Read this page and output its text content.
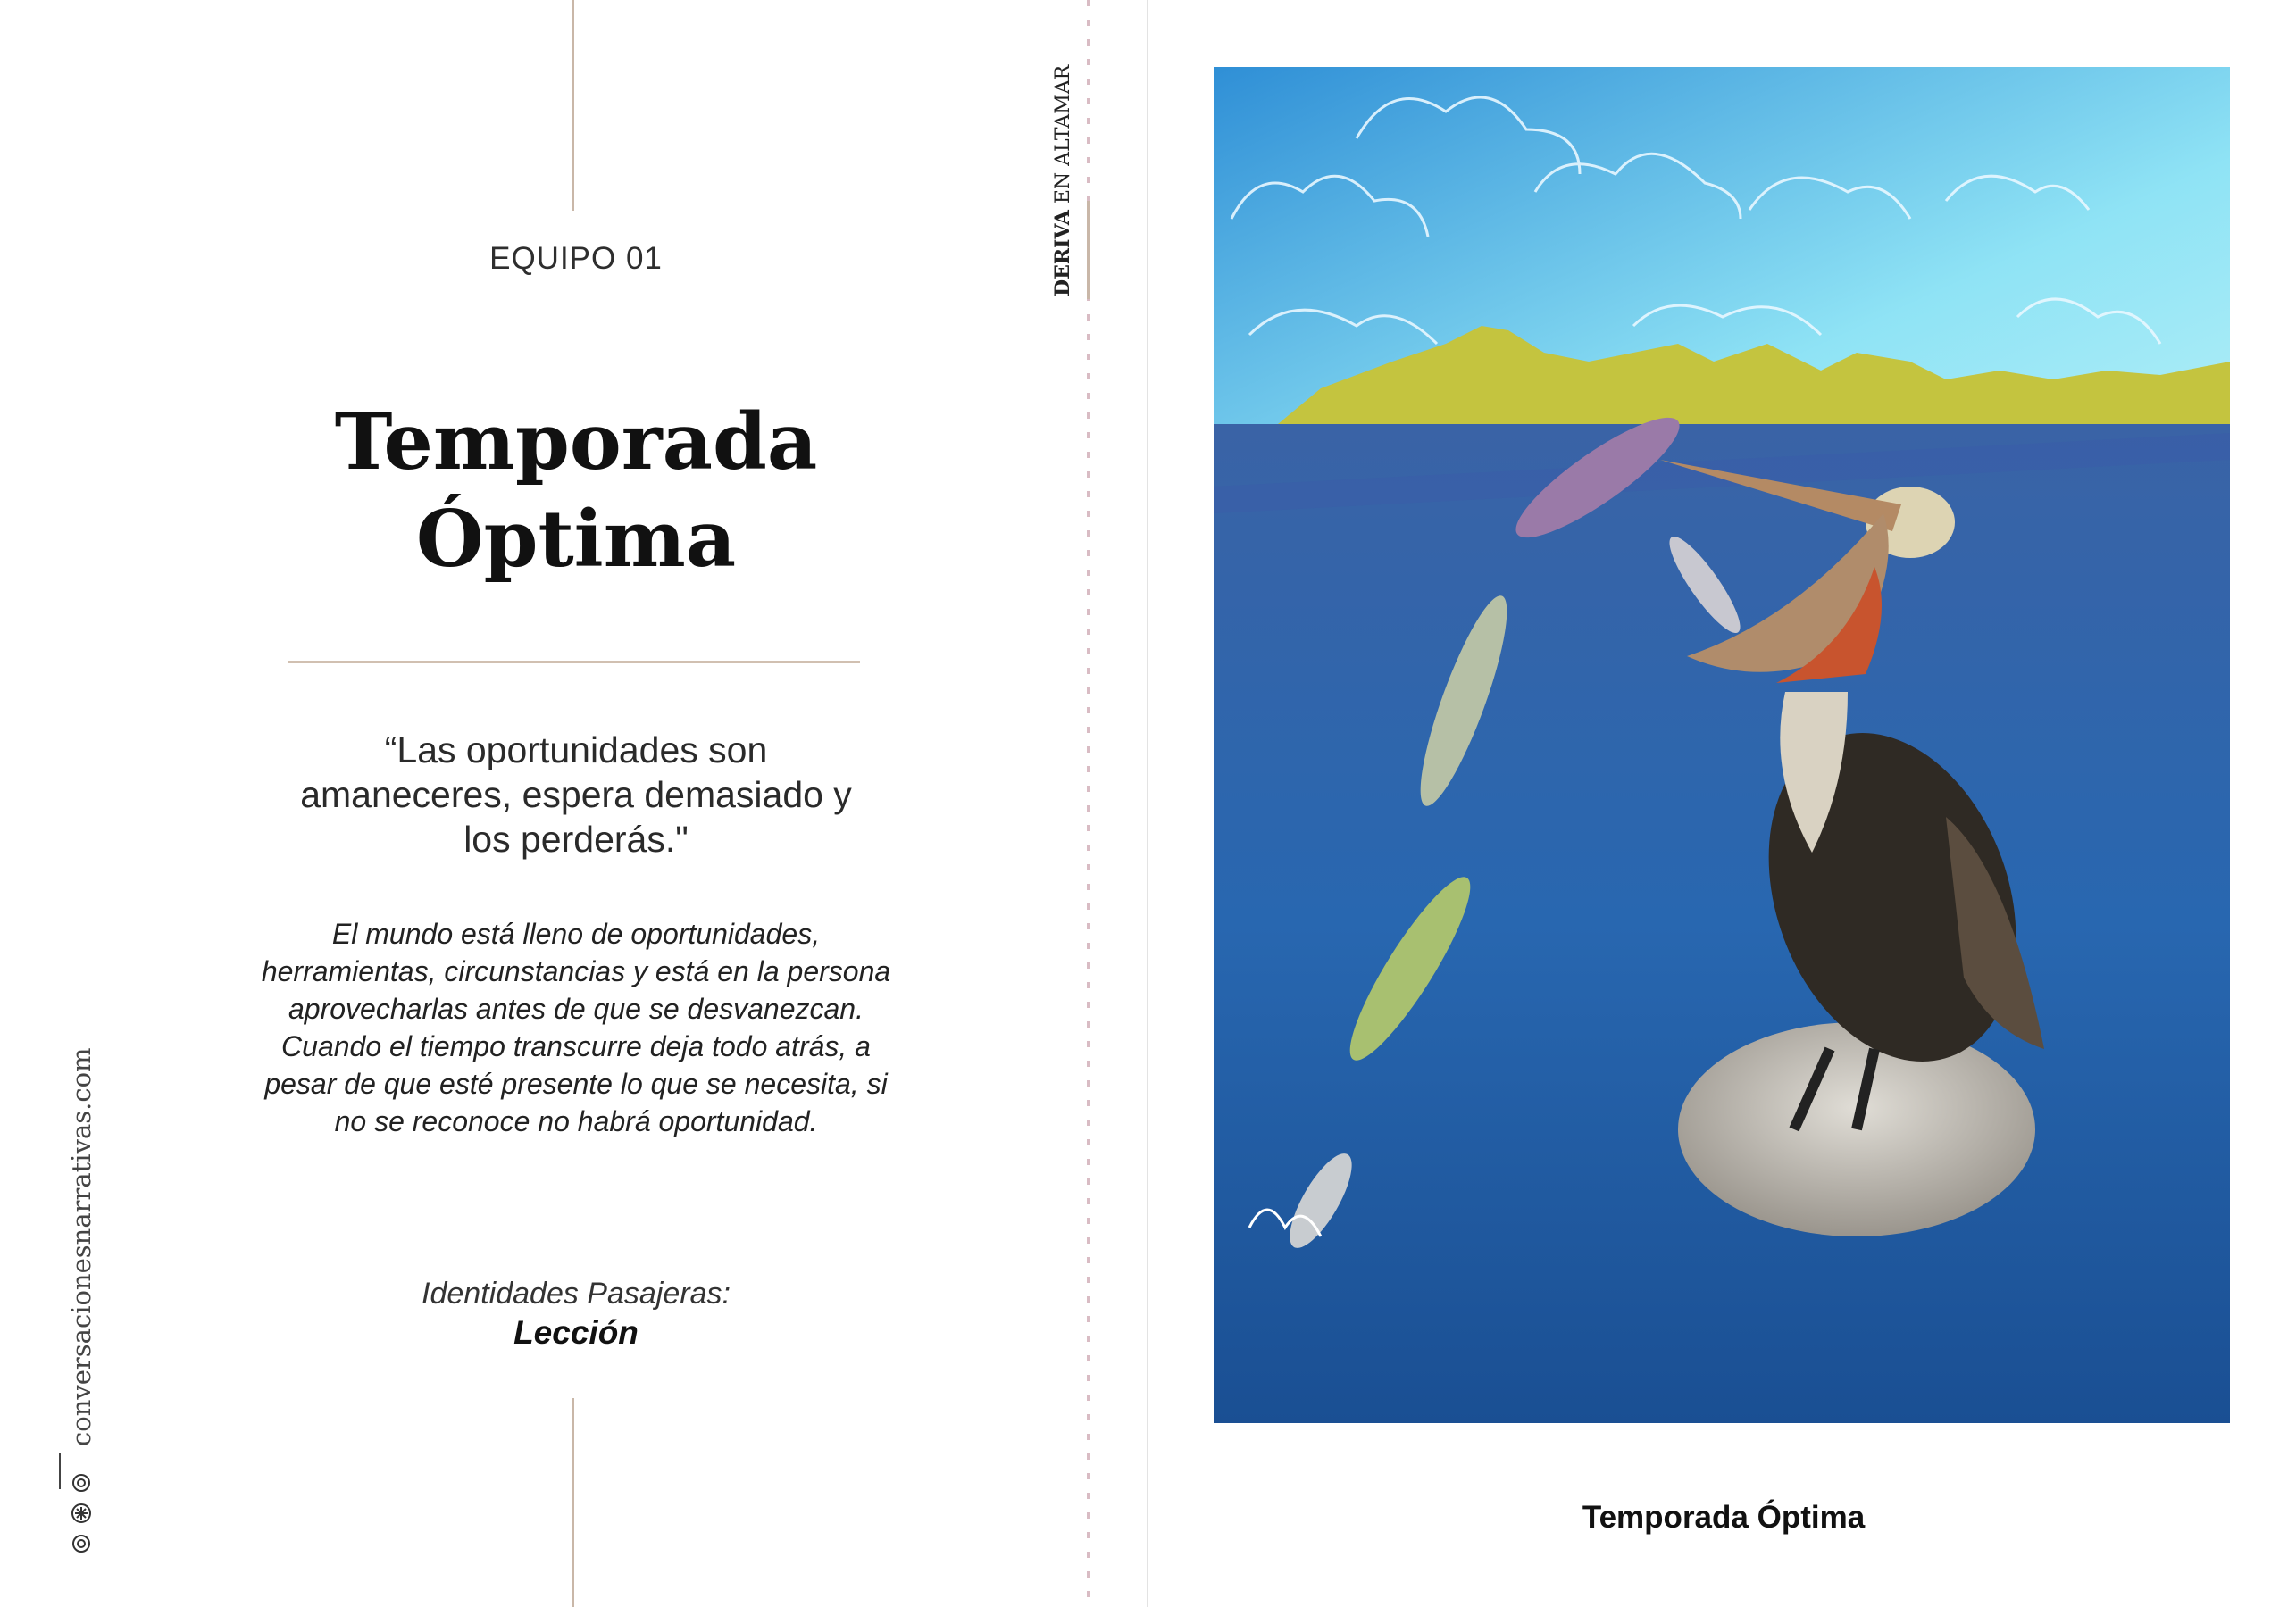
EQUIPO 01
Temporada
Óptima
“Las oportunidades son
amaneceres, espera demasiado y
los perderás."
El mundo está lleno de oportunidades,
herramientas, circunstancias y está en la persona
aprovecharlas antes de que se desvanezcan.
Cuando el tiempo transcurre deja todo atrás, a
pesar de que esté presente lo que se necesita, si
no se reconoce no habrá oportunidad.
Identidades Pasajeras:
Lección
DERIVA EN ALTAMAR
conversacionesnarrativas.com
Temporada Óptima
